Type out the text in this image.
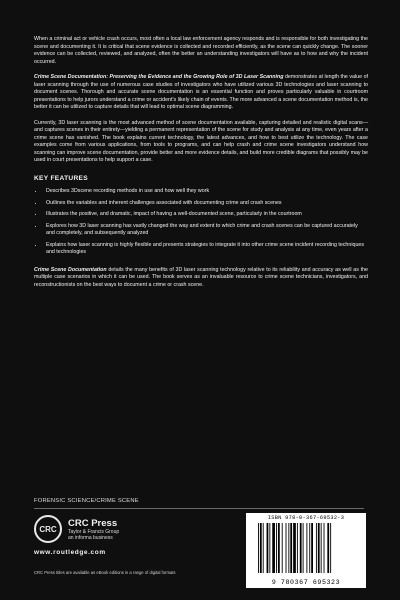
When a criminal act or vehicle crash occurs, most often a local law enforcement agency responds and is responsible for both investigating the scene and documenting it. It is critical that scene evidence is collected and recorded efficiently, as the scene can quickly change. The sooner evidence can be collected, reviewed, and analyzed, often the better an understanding investigators will have as to how and why the incident occurred.

Crime Scene Documentation: Preserving the Evidence and the Growing Role of 3D Laser Scanning demonstrates at length the value of laser scanning through the use of numerous case studies of investigators who have utilized various 3D technologies and laser scanning to document scenes. Thorough and accurate scene documentation is an essential function and proves particularly valuable in courtroom presentations to help jurors understand a crime or accident's likely chain of events. The more advanced a scene documentation method is, the better it can be utilized to capture details that will lead to optimal scene diagramming.

Currently, 3D laser scanning is the most advanced method of scene documentation available, capturing detailed and realistic digital scans—and captures scenes in their entirety—yielding a permanent representation of the scene for study and analysis at any time, even years after a crime scene has vanished. The book explains current technology, the latest advances, and how to best utilize the technology. The case examples come from various applications, from tools to programs, and can help crash and crime scene investigators understand how scanning can improve scene documentation, provide better and more evidence details, and build more credible diagrams that possibly may be used in court presentations to help support a case.

KEY FEATURES
• Describes 3Dscene recording methods in use and how well they work
• Outlines the variables and inherent challenges associated with documenting crime and crash scenes
• Illustrates the positive, and dramatic, impact of having a well-documented scene, particularly in the courtroom
• Explores how 3D laser scanning has vastly changed the way and extent to which crime and crash scenes can be captured accurately and completely, and subsequently analyzed
• Explains how laser scanning is highly flexible and presents strategies to integrate it into other crime scene incident recording techniques and technologies

Crime Scene Documentation details the many benefits of 3D laser scanning technology relative to its reliability and accuracy as well as the multiple case scenarios in which it can be used. The book serves as an invaluable resource to crime scene technicians, investigators, and reconstructionists on the best ways to document a crime or crash scene.

FORENSIC SCIENCE/CRIME SCENE
CRC
CRC Press
Taylor & Francis Group
an informa business
www.routledge.com
CRC Press titles are available as eBook editions in a range of digital formats
ISBN 978-0-367-69532-3
9 780367 695323
